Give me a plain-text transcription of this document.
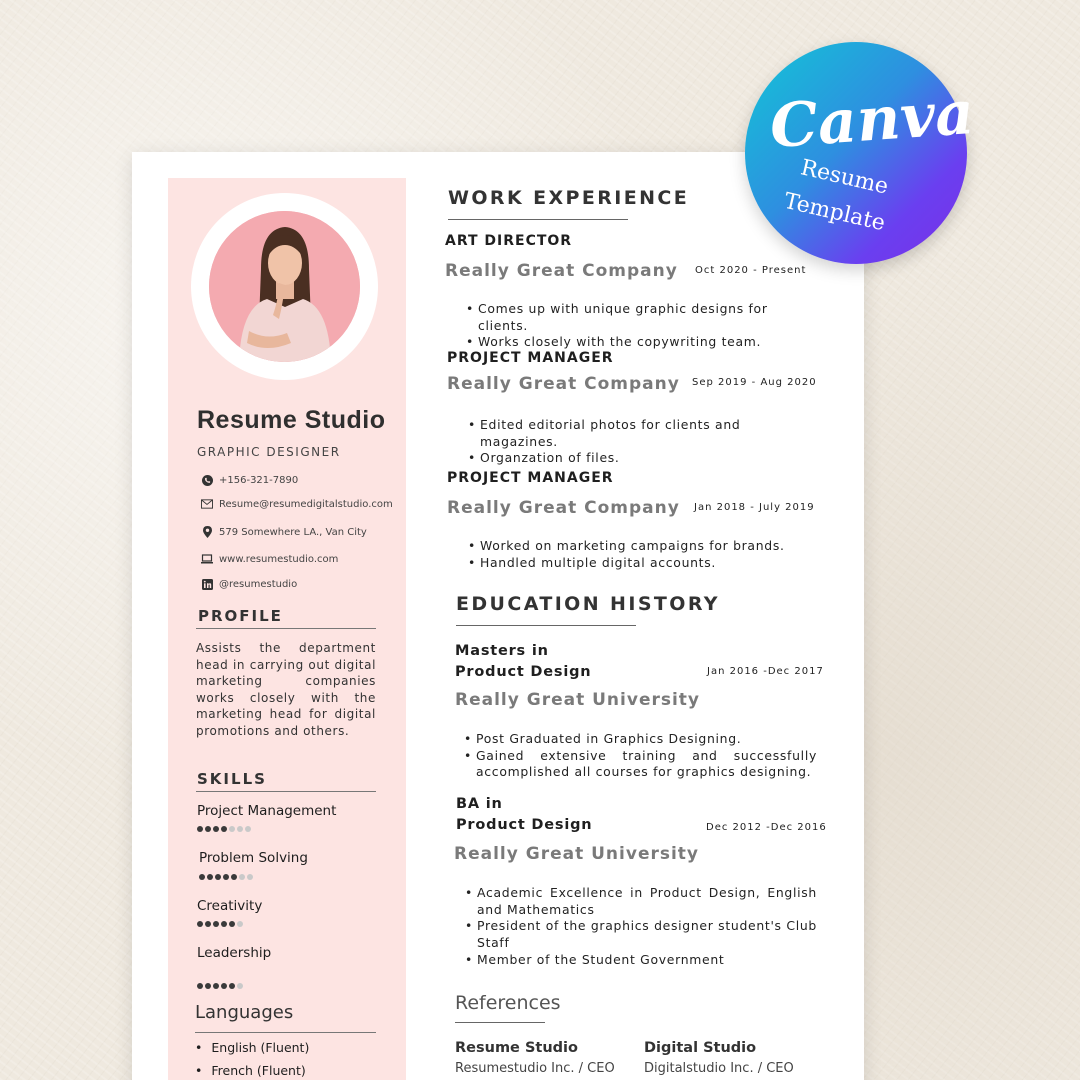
Resume Studio
GRAPHIC DESIGNER
+156-321-7890
Resume@resumedigitalstudio.com
579 Somewhere LA., Van City
www.resumestudio.com
@resumestudio
PROFILE
Assists the department head in carrying out digital marketing companies works closely with the marketing head for digital promotions and others.
SKILLS
Project Management
Problem Solving
Creativity
Leadership
Languages
• English (Fluent)
• French (Fluent)
WORK EXPERIENCE
ART DIRECTOR
Really Great Company Oct 2020 - Present
• Comes up with unique graphic designs for clients.
• Works closely with the copywriting team.
PROJECT MANAGER
Really Great Company Sep 2019 - Aug 2020
• Edited editorial photos for clients and magazines.
• Organzation of files.
PROJECT MANAGER
Really Great Company Jan 2018 - July 2019
• Worked on marketing campaigns for brands.
• Handled multiple digital accounts.
EDUCATION HISTORY
Masters in
Product Design	Jan 2016 -Dec 2017
Really Great University
• Post Graduated in Graphics Designing.
• Gained extensive training and successfully accomplished all courses for graphics designing.
BA in
Product Design	Dec 2012 -Dec 2016
Really Great University
• Academic Excellence in Product Design, English and Mathematics
• President of the graphics designer student's Club Staff
• Member of the Student Government
References
Resume Studio
Resumestudio Inc. / CEO
Digital Studio
Digitalstudio Inc. / CEO
Canva
Resume
Template
